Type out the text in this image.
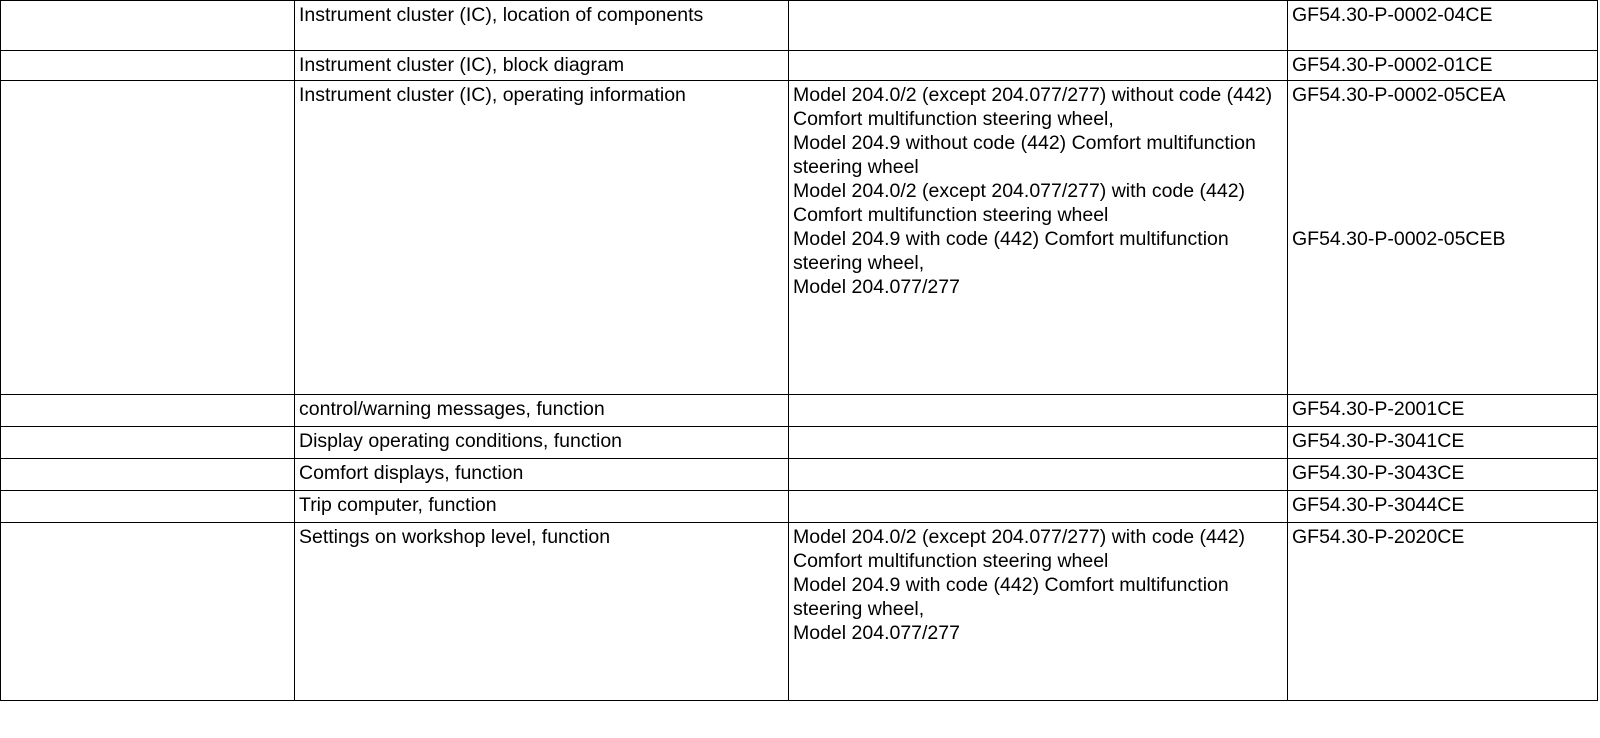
	Instrument cluster (IC), location of components		GF54.30-P-0002-04CE
	Instrument cluster (IC), block diagram		GF54.30-P-0002-01CE
	Instrument cluster (IC), operating information	Model 204.0/2 (except 204.077/277) without code (442) Comfort multifunction steering wheel,
Model 204.9 without code (442) Comfort multifunction steering wheel
Model 204.0/2 (except 204.077/277) with code (442) Comfort multifunction steering wheel
Model 204.9 with code (442) Comfort multifunction steering wheel,
Model 204.077/277	GF54.30-P-0002-05CEA
GF54.30-P-0002-05CEB

	control/warning messages, function		GF54.30-P-2001CE
	Display operating conditions, function		GF54.30-P-3041CE
	Comfort displays, function		GF54.30-P-3043CE
	Trip computer, function		GF54.30-P-3044CE
	Settings on workshop level, function	Model 204.0/2 (except 204.077/277) with code (442) Comfort multifunction steering wheel
Model 204.9 with code (442) Comfort multifunction steering wheel,
Model 204.077/277	GF54.30-P-2020CE
